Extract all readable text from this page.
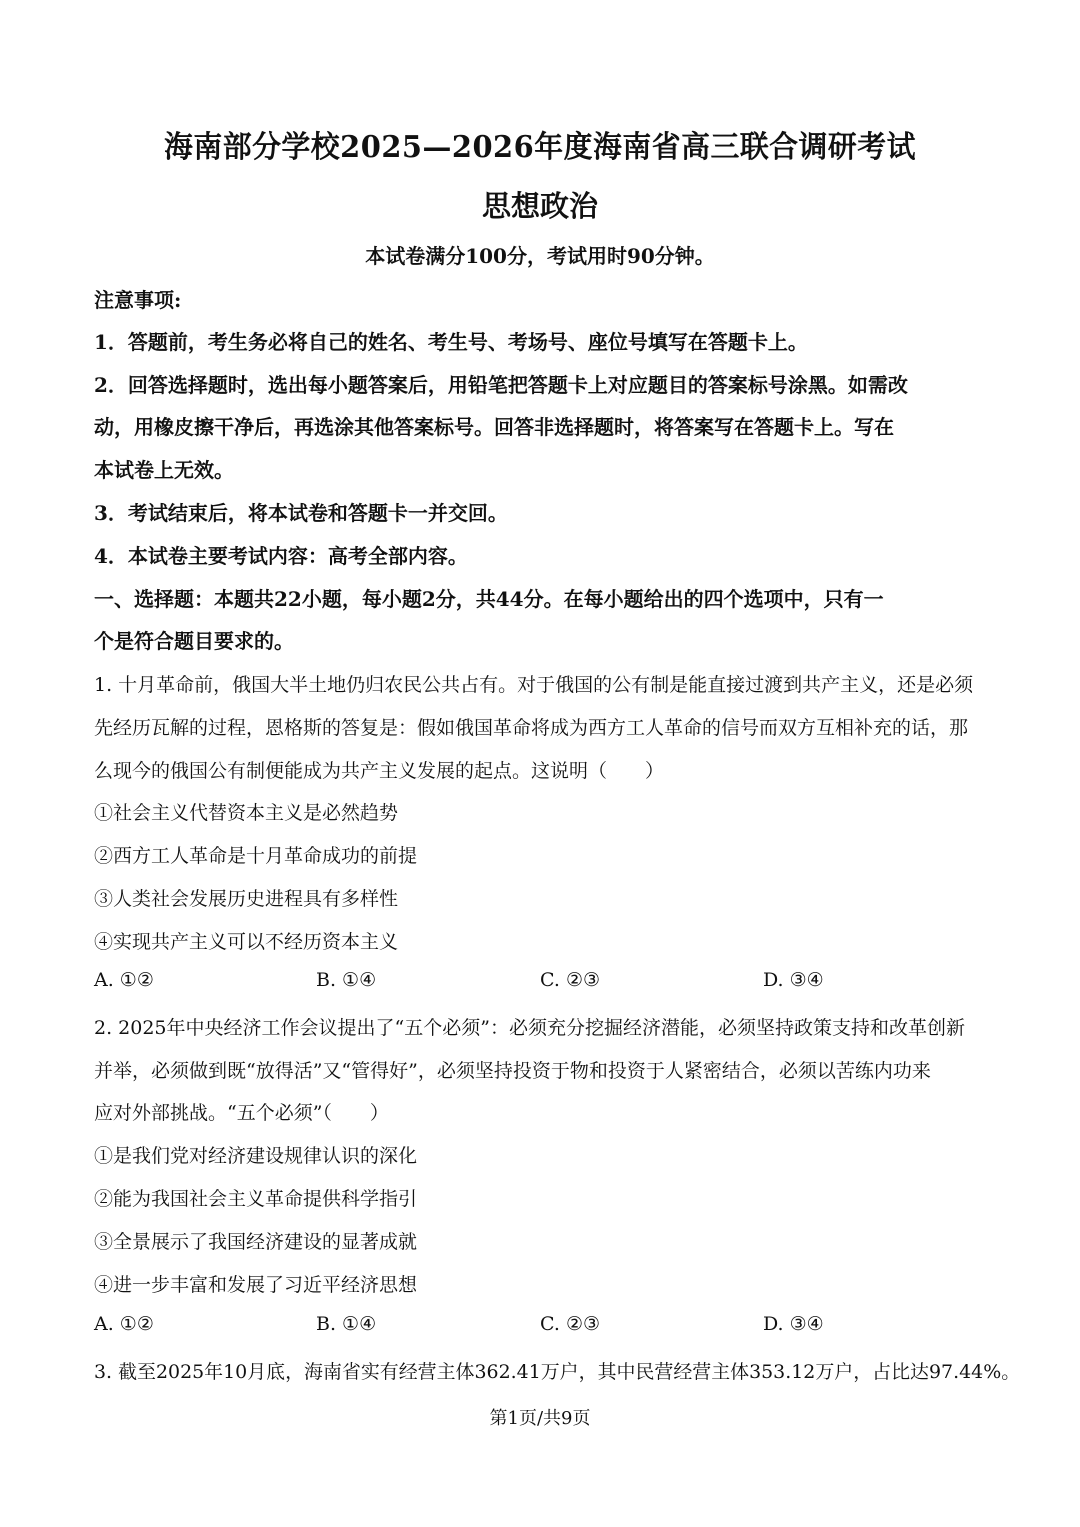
海南部分学校2025—2026年度海南省高三联合调研考试
思想政治
本试卷满分100分，考试用时90分钟。
注意事项:
1．答题前，考生务必将自己的姓名、考生号、考场号、座位号填写在答题卡上。
2．回答选择题时，选出每小题答案后，用铅笔把答题卡上对应题目的答案标号涂黑。如需改
动，用橡皮擦干净后，再选涂其他答案标号。回答非选择题时，将答案写在答题卡上。写在
本试卷上无效。
3．考试结束后，将本试卷和答题卡一并交回。
4．本试卷主要考试内容：高考全部内容。
一、选择题：本题共22小题，每小题2分，共44分。在每小题给出的四个选项中，只有一
个是符合题目要求的。
1. 十月革命前，俄国大半土地仍归农民公共占有。对于俄国的公有制是能直接过渡到共产主义，还是必须
先经历瓦解的过程，恩格斯的答复是：假如俄国革命将成为西方工人革命的信号而双方互相补充的话，那
么现今的俄国公有制便能成为共产主义发展的起点。这说明（　　）
①社会主义代替资本主义是必然趋势
②西方工人革命是十月革命成功的前提
③人类社会发展历史进程具有多样性
④实现共产主义可以不经历资本主义
A. ①②	B. ①④	C. ②③	D. ③④
2. 2025年中央经济工作会议提出了“五个必须”：必须充分挖掘经济潜能，必须坚持政策支持和改革创新
并举，必须做到既“放得活”又“管得好”，必须坚持投资于物和投资于人紧密结合，必须以苦练内功来
应对外部挑战。“五个必须”（　　）
①是我们党对经济建设规律认识的深化
②能为我国社会主义革命提供科学指引
③全景展示了我国经济建设的显著成就
④进一步丰富和发展了习近平经济思想
A. ①②	B. ①④	C. ②③	D. ③④
3. 截至2025年10月底，海南省实有经营主体362.41万户，其中民营经营主体353.12万户，占比达97.44%。
第1页/共9页
